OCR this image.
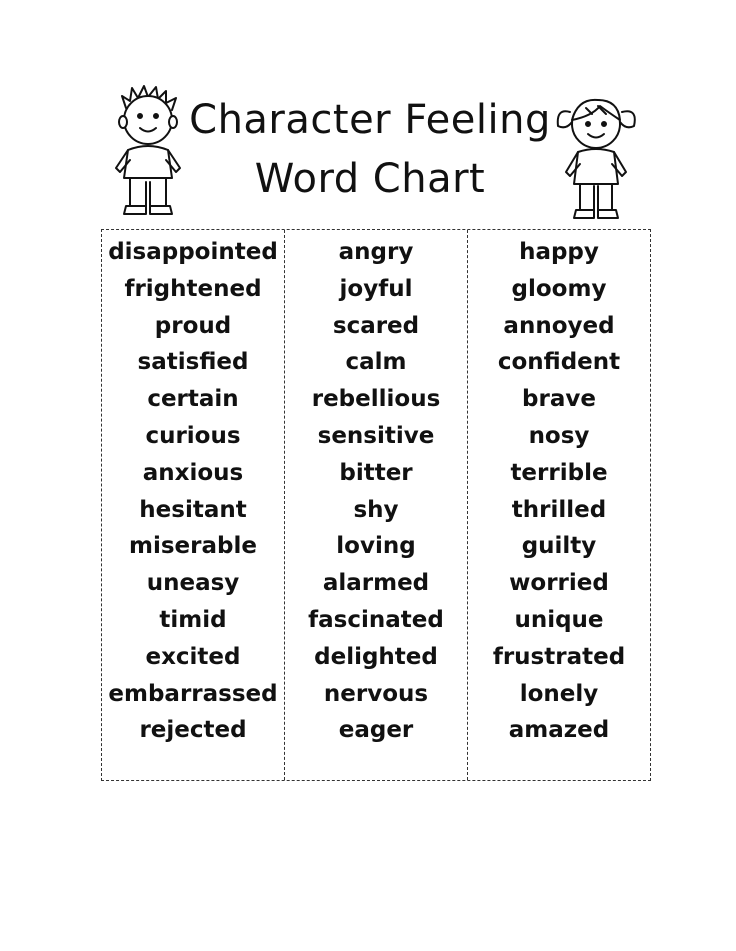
Character Feeling
Word Chart
disappointed
frightened
proud
satisfied
certain
curious
anxious
hesitant
miserable
uneasy
timid
excited
embarrassed
rejected
angry
joyful
scared
calm
rebellious
sensitive
bitter
shy
loving
alarmed
fascinated
delighted
nervous
eager
happy
gloomy
annoyed
confident
brave
nosy
terrible
thrilled
guilty
worried
unique
frustrated
lonely
amazed
